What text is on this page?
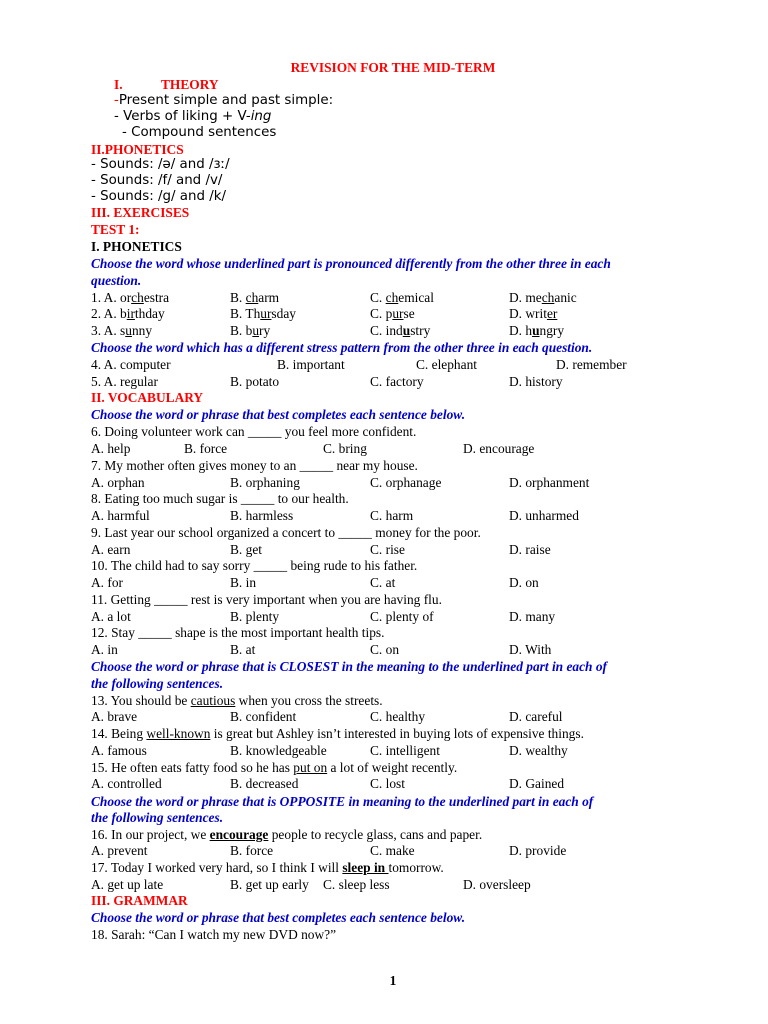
REVISION FOR THE MID-TERM
I.	THEORY
-Present simple and past simple:
- Verbs of liking + V-ing
- Compound sentences
II.PHONETICS
- Sounds: /ə/ and /ɜː/
- Sounds: /f/ and /v/
- Sounds: /g/ and /k/
III. EXERCISES
TEST 1:
I. PHONETICS
Choose the word whose underlined part is pronounced differently from the other three in each
question.
1. A. orchestra	B. charm	C. chemical	D. mechanic
2. A. birthday	B. Thursday	C. purse	D. writer
3. A. sunny	B. bury	C. industry	D. hungry
Choose the word which has a different stress pattern from the other three in each question.
4. A. computer	B. important	C. elephant	D. remember
5. A. regular	B. potato	C. factory	D. history
II. VOCABULARY
Choose the word or phrase that best completes each sentence below.
6. Doing volunteer work can _____ you feel more confident.
A. help	B. force	C. bring	D. encourage
7. My mother often gives money to an _____ near my house.
A. orphan	B. orphaning	C. orphanage	D. orphanment
8. Eating too much sugar is _____ to our health.
A. harmful	B. harmless	C. harm	D. unharmed
9. Last year our school organized a concert to _____ money for the poor.
A. earn	B. get	C. rise	D. raise
10. The child had to say sorry _____ being rude to his father.
A. for	B. in	C. at	D. on
11. Getting _____ rest is very important when you are having flu.
A. a lot	B. plenty	C. plenty of	D. many
12. Stay _____ shape is the most important health tips.
A. in	B. at	C. on	D. With
Choose the word or phrase that is CLOSEST in the meaning to the underlined part in each of
the following sentences.
13. You should be cautious when you cross the streets.
A. brave	B. confident	C. healthy	D. careful
14. Being well-known is great but Ashley isn’t interested in buying lots of expensive things.
A. famous	B. knowledgeable	C. intelligent	D. wealthy
15. He often eats fatty food so he has put on a lot of weight recently.
A. controlled	B. decreased	C. lost	D. Gained
Choose the word or phrase that is OPPOSITE in meaning to the underlined part in each of
the following sentences.
16. In our project, we encourage people to recycle glass, cans and paper.
A. prevent	B. force	C. make	D. provide
17. Today I worked very hard, so I think I will sleep in tomorrow.
A. get up late	B. get up early C. sleep less	D. oversleep
III. GRAMMAR
Choose the word or phrase that best completes each sentence below.
18. Sarah: “Can I watch my new DVD now?”
1
